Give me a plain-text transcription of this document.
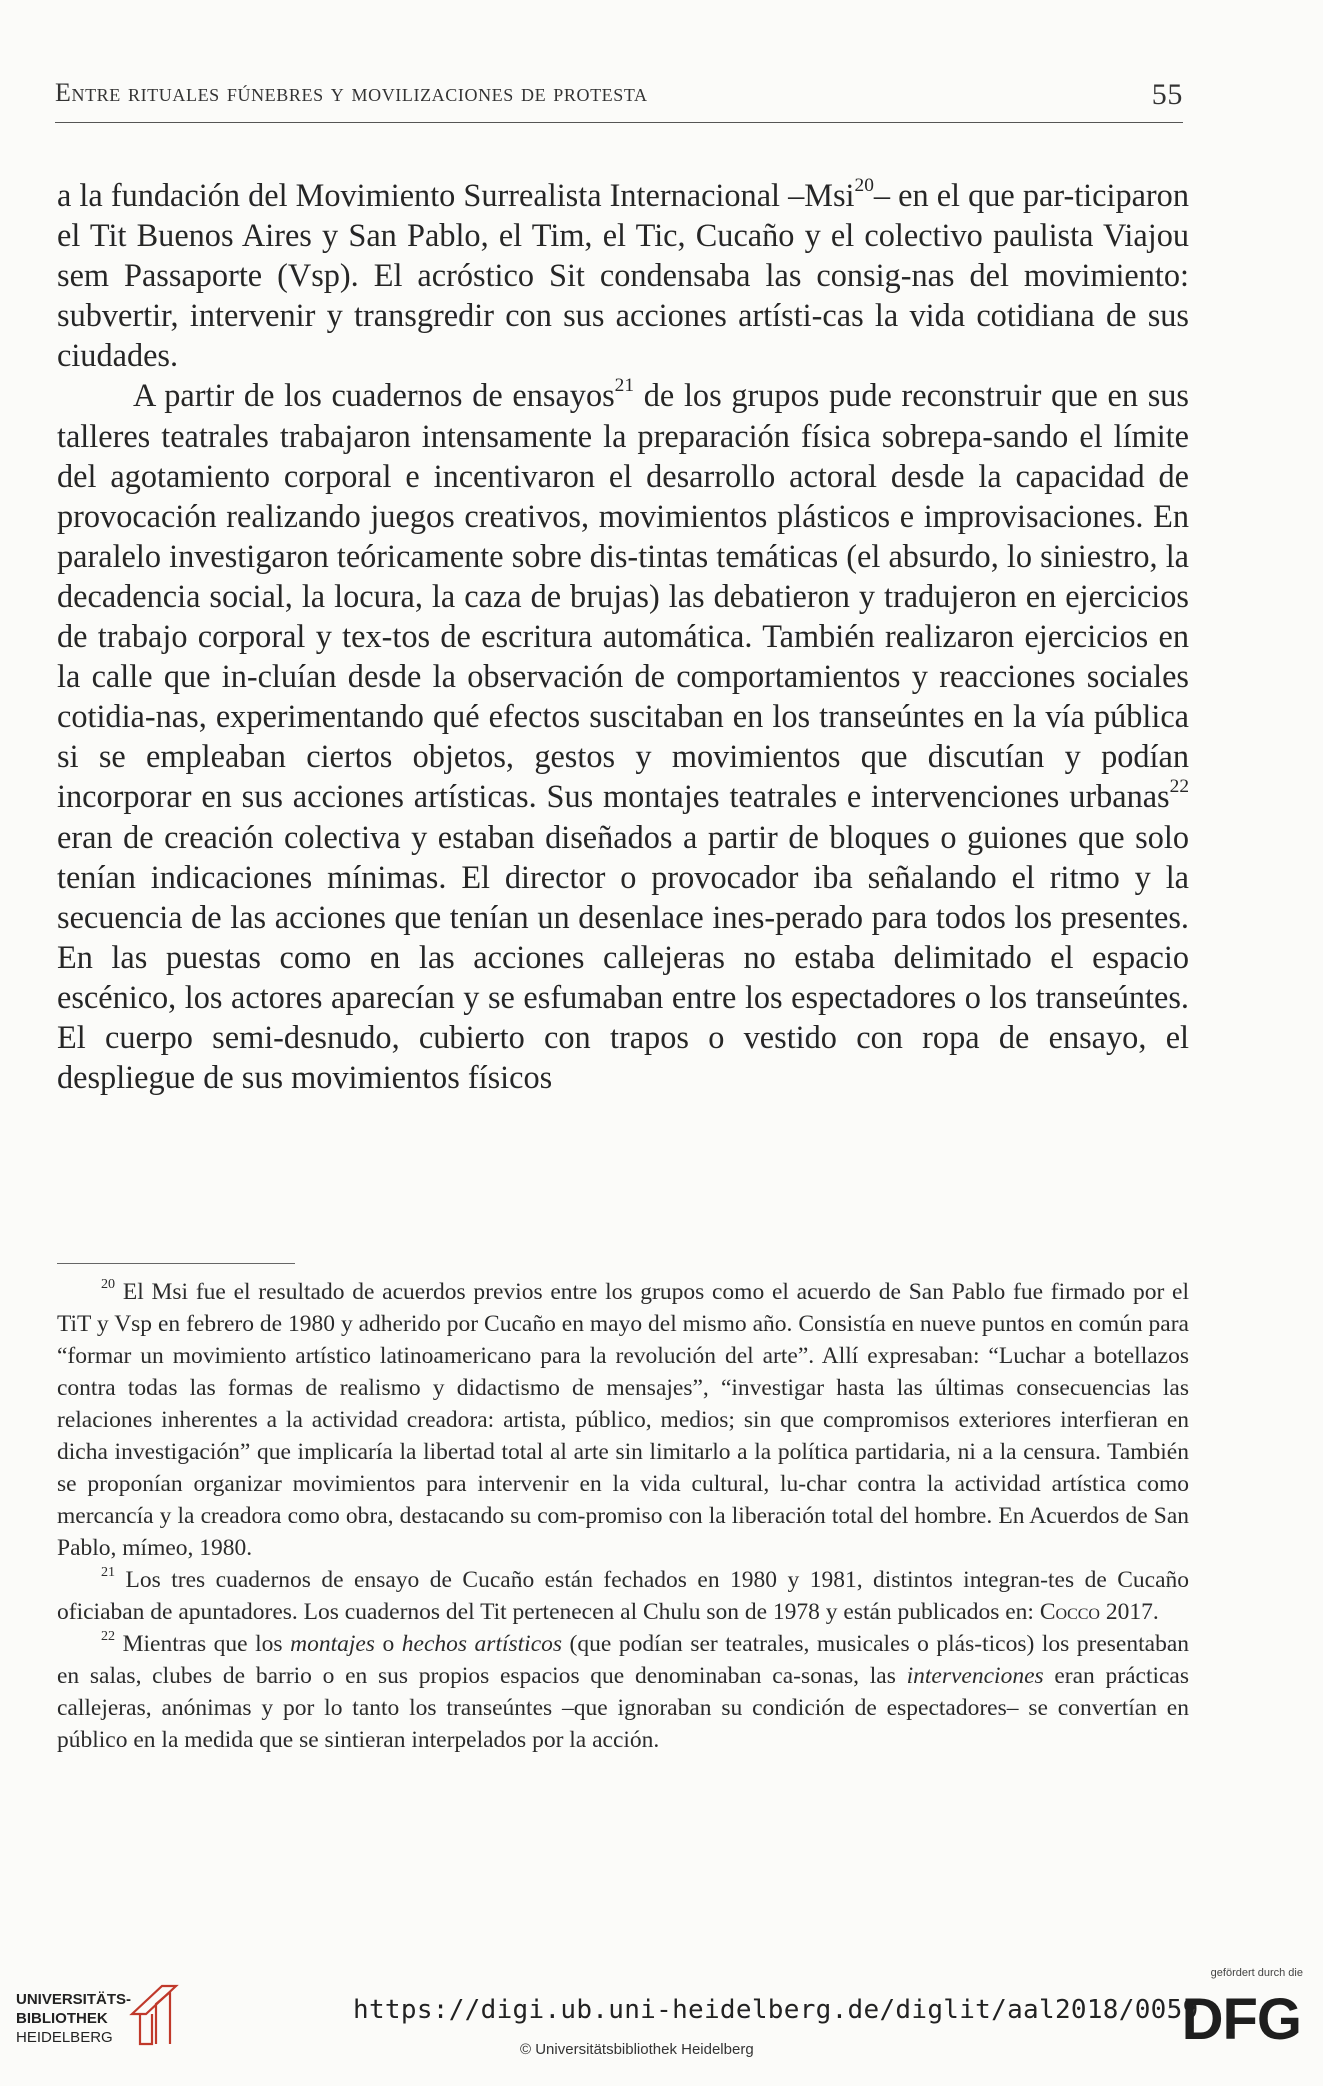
Entre rituales fúnebres y movilizaciones de protesta	55

a la fundación del Movimiento Surrealista Internacional –Msi$^{20}$– en el que par-ticiparon el Tit Buenos Aires y San Pablo, el Tim, el Tic, Cucaño y el colectivo paulista Viajou sem Passaporte (Vsp). El acróstico Sit condensaba las consig-nas del movimiento: subvertir, intervenir y transgredir con sus acciones artísti-cas la vida cotidiana de sus ciudades.

A partir de los cuadernos de ensayos$^{21}$ de los grupos pude reconstruir que en sus talleres teatrales trabajaron intensamente la preparación física sobrepa-sando el límite del agotamiento corporal e incentivaron el desarrollo actoral desde la capacidad de provocación realizando juegos creativos, movimientos plásticos e improvisaciones. En paralelo investigaron teóricamente sobre dis-tintas temáticas (el absurdo, lo siniestro, la decadencia social, la locura, la caza de brujas) las debatieron y tradujeron en ejercicios de trabajo corporal y tex-tos de escritura automática. También realizaron ejercicios en la calle que in-cluían desde la observación de comportamientos y reacciones sociales cotidia-nas, experimentando qué efectos suscitaban en los transeúntes en la vía pública si se empleaban ciertos objetos, gestos y movimientos que discutían y podían incorporar en sus acciones artísticas. Sus montajes teatrales e intervenciones urbanas$^{22}$ eran de creación colectiva y estaban diseñados a partir de bloques o guiones que solo tenían indicaciones mínimas. El director o provocador iba señalando el ritmo y la secuencia de las acciones que tenían un desenlace ines-perado para todos los presentes. En las puestas como en las acciones callejeras no estaba delimitado el espacio escénico, los actores aparecían y se esfumaban entre los espectadores o los transeúntes. El cuerpo semi-desnudo, cubierto con trapos o vestido con ropa de ensayo, el despliegue de sus movimientos físicos

$^{20}$ El Msi fue el resultado de acuerdos previos entre los grupos como el acuerdo de San Pablo fue firmado por el TiT y Vsp en febrero de 1980 y adherido por Cucaño en mayo del mismo año. Consistía en nueve puntos en común para “formar un movimiento artístico latinoamericano para la revolución del arte”. Allí expresaban: “Luchar a botellazos contra todas las formas de realismo y didactismo de mensajes”, “investigar hasta las últimas consecuencias las relaciones inherentes a la actividad creadora: artista, público, medios; sin que compromisos exteriores interfieran en dicha investigación” que implicaría la libertad total al arte sin limitarlo a la política partidaria, ni a la censura. También se proponían organizar movimientos para intervenir en la vida cultural, lu-char contra la actividad artística como mercancía y la creadora como obra, destacando su com-promiso con la liberación total del hombre. En Acuerdos de San Pablo, mímeo, 1980.

$^{21}$ Los tres cuadernos de ensayo de Cucaño están fechados en 1980 y 1981, distintos integran-tes de Cucaño oficiaban de apuntadores. Los cuadernos del Tit pertenecen al Chulu son de 1978 y están publicados en: Cocco 2017.

$^{22}$ Mientras que los montajes o hechos artísticos (que podían ser teatrales, musicales o plás-ticos) los presentaban en salas, clubes de barrio o en sus propios espacios que denominaban ca-sonas, las intervenciones eran prácticas callejeras, anónimas y por lo tanto los transeúntes –que ignoraban su condición de espectadores– se convertían en público en la medida que se sintieran interpelados por la acción.

UNIVERSITÄTS-
BIBLIOTHEK
HEIDELBERG
https://digi.ub.uni-heidelberg.de/diglit/aal2018/0059
© Universitätsbibliothek Heidelberg
gefördert durch die
DFG
